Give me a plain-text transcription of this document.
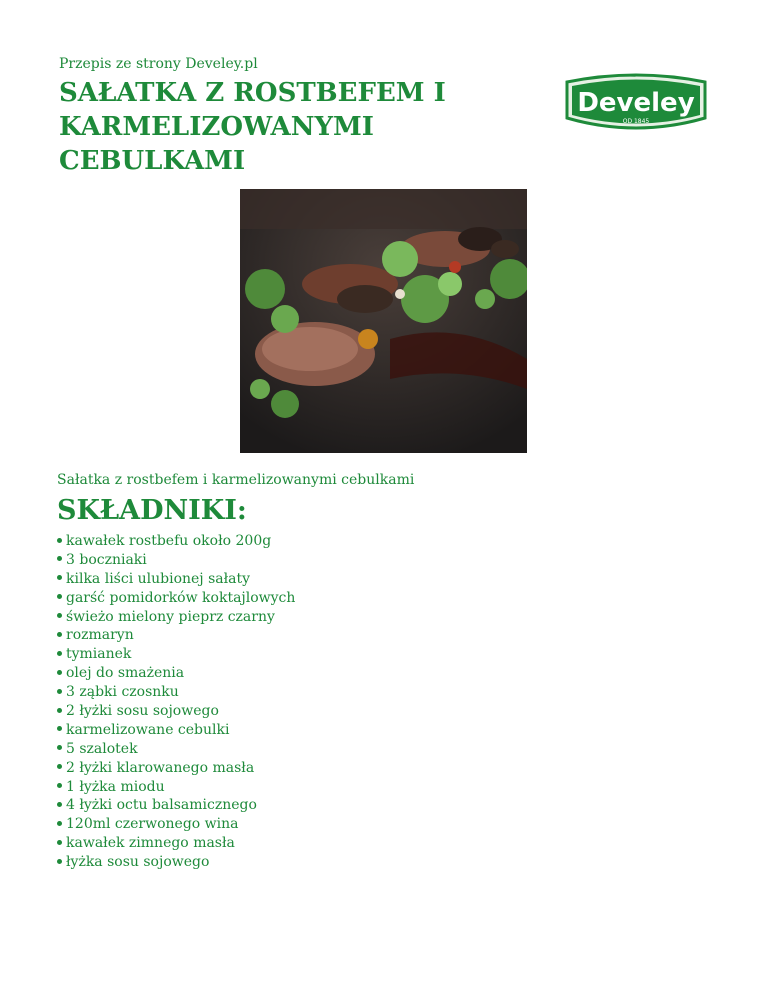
Przepis ze strony Develey.pl
SAŁATKA Z ROSTBEFEM I KARMELIZOWANYMI CEBULKAMI
Develey
OD 1845
Sałatka z rostbefem i karmelizowanymi cebulkami
SKŁADNIKI:
kawałek rostbefu około 200g
3 boczniaki
kilka liści ulubionej sałaty
garść pomidorków koktajlowych
świeżo mielony pieprz czarny
rozmaryn
tymianek
olej do smażenia
3 ząbki czosnku
2 łyżki sosu sojowego
karmelizowane cebulki
5 szalotek
2 łyżki klarowanego masła
1 łyżka miodu
4 łyżki octu balsamicznego
120ml czerwonego wina
kawałek zimnego masła
łyżka sosu sojowego
